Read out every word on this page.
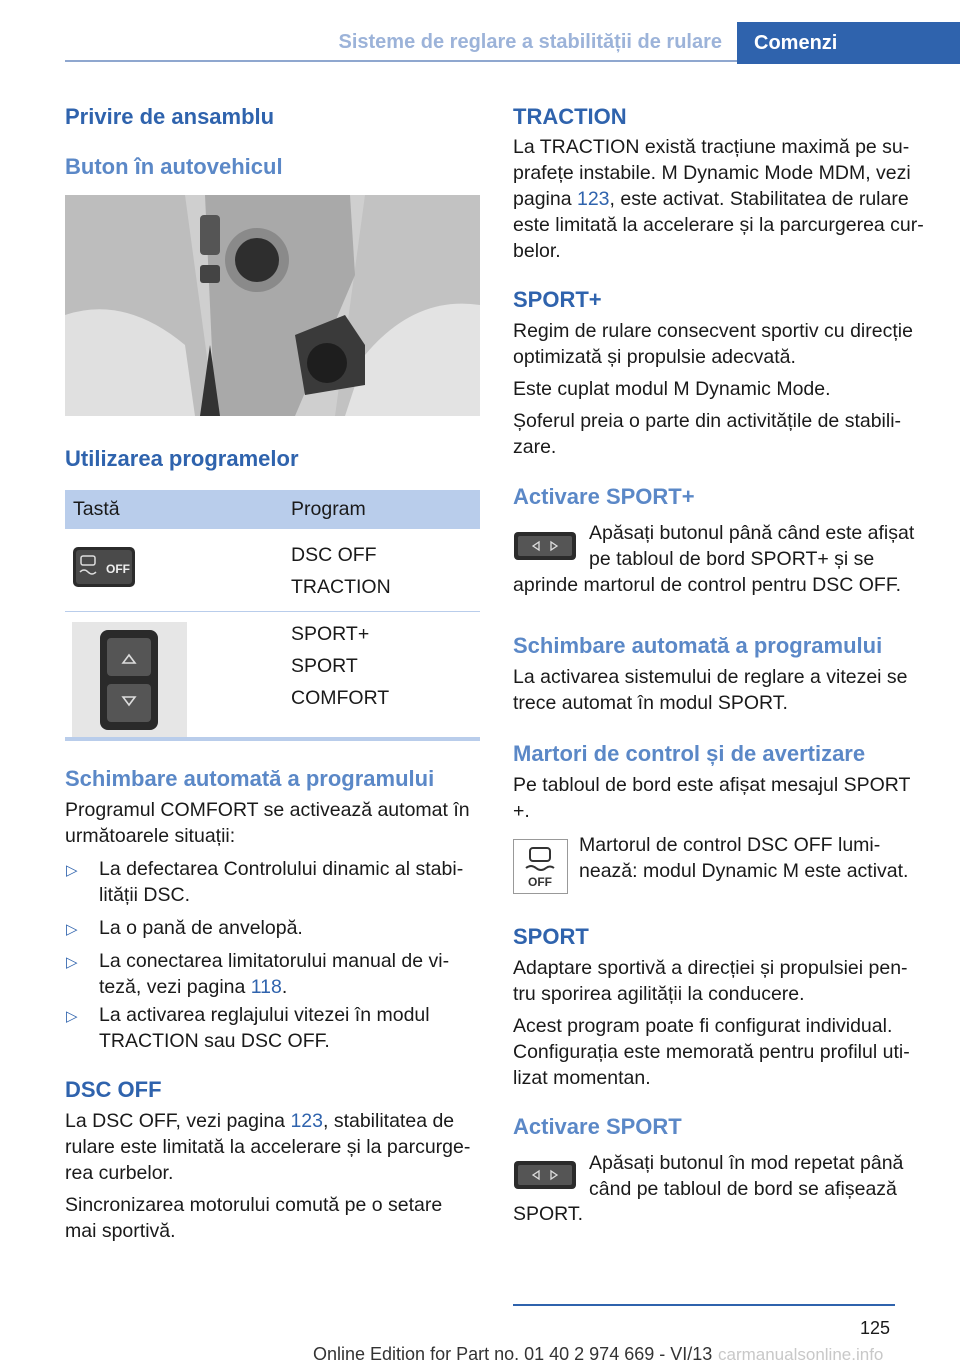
Sisteme de reglare a stabilității de rulare	Comenzi
Privire de ansamblu
Buton în autovehicul
Utilizarea programelor
Tastă	Program

OFF	DSC OFF
TRACTION

SPORT+
SPORT
COMFORT
Schimbare automată a programului
Programul COMFORT se activează automat în următoarele situații:
▷ La defectarea Controlului dinamic al stabi-
lității DSC.
▷ La o pană de anvelopă.
▷ La conectarea limitatorului manual de vi-
teză, vezi pagina 118.
▷ La activarea reglajului vitezei în modul
TRACTION sau DSC OFF.
DSC OFF
La DSC OFF, vezi pagina 123, stabilitatea de
rulare este limitată la accelerare și la parcurge-
rea curbelor.
Sincronizarea motorului comută pe o setare
mai sportivă.
TRACTION
La TRACTION există tracțiune maximă pe su-
prafețe instabile. M Dynamic Mode MDM, vezi
pagina 123, este activat. Stabilitatea de rulare
este limitată la accelerare și la parcurgerea cur-
belor.
SPORT+
Regim de rulare consecvent sportiv cu direcție
optimizată și propulsie adecvată.
Este cuplat modul M Dynamic Mode.
Șoferul preia o parte din activitățile de stabili-
zare.
Activare SPORT+
Apăsați butonul până când este afișat
pe tabloul de bord SPORT+ și se
aprinde martorul de control pentru DSC OFF.
Schimbare automată a programului
La activarea sistemului de reglare a vitezei se
trece automat în modul SPORT.
Martori de control și de avertizare
Pe tabloul de bord este afișat mesajul SPORT
+.
OFF
Martorul de control DSC OFF lumi-
nează: modul Dynamic M este activat.
SPORT
Adaptare sportivă a direcției și propulsiei pen-
tru sporirea agilității la conducere.
Acest program poate fi configurat individual.
Configurația este memorată pentru profilul uti-
lizat momentan.
Activare SPORT
Apăsați butonul în mod repetat până
când pe tabloul de bord se afișează
SPORT.
125
Online Edition for Part no. 01 40 2 974 669 - VI/13 carmanualsonline.info
